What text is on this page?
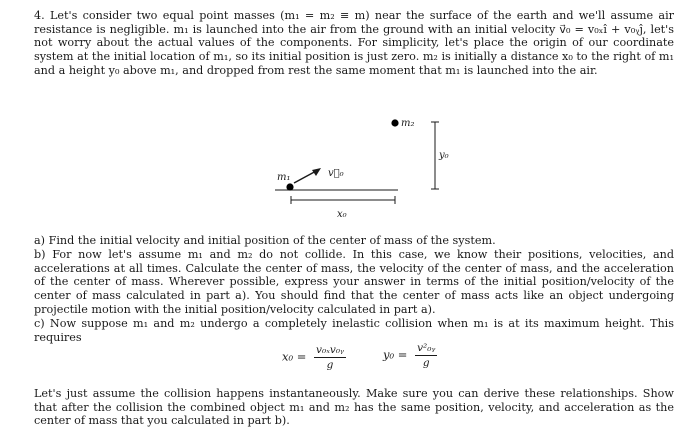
4. Let's consider two equal point masses (m₁ = m₂ ≡ m) near the surface of the earth and we'll assume air resistance is negligible. m₁ is launched into the air from the ground with an initial velocity v⃗₀ = v₀ₓî + v₀ᵧĵ, let's not worry about the actual values of the components. For simplicity, let's place the origin of our coordinate system at the initial location of m₁, so its initial position is just zero. m₂ is initially a distance x₀ to the right of m₁ and a height y₀ above m₁, and dropped from rest the same moment that m₁ is launched into the air.

m₂
y₀
m₁	v⃗₀
x₀

a) Find the initial velocity and initial position of the center of mass of the system.

b) For now let's assume m₁ and m₂ do not collide. In this case, we know their positions, velocities, and accelerations at all times. Calculate the center of mass, the velocity of the center of mass, and the acceleration of the center of mass. Wherever possible, express your answer in terms of the initial position/velocity of the center of mass calculated in part a). You should find that the center of mass acts like an object undergoing projectile motion with the initial position/velocity calculated in part a).

c) Now suppose m₁ and m₂ undergo a completely inelastic collision when m₁ is at its maximum height. This requires

$x_0 = \frac{\text{v₀ₓv₀ᵧ}}{g}$	$y_0 = \frac{\text{v²₀ᵧ}}{g}$

Let's just assume the collision happens instantaneously. Make sure you can derive these relationships. Show that after the collision the combined object m₁ and m₂ has the same position, velocity, and acceleration as the center of mass that you calculated in part b).
